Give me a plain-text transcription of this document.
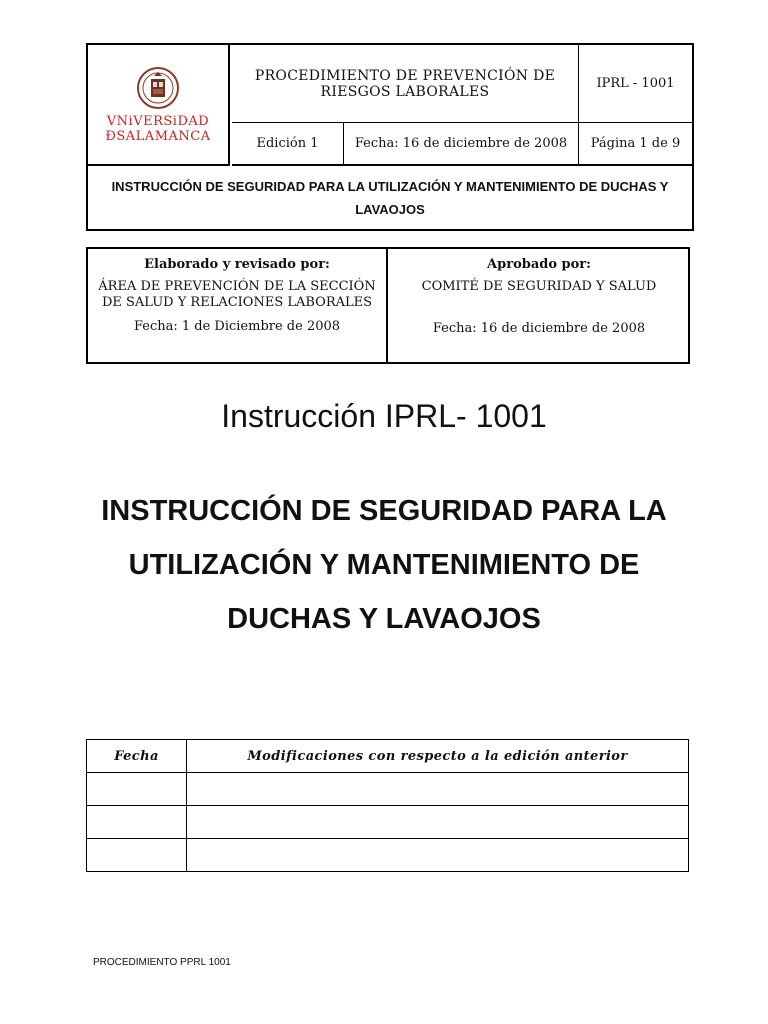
VNiVERSiDAD
ÐSALAMANCA
PROCEDIMIENTO DE PREVENCIÓN DE RIESGOS LABORALES	IPRL - 1001
Edición 1	Fecha: 16 de diciembre de 2008	Página 1 de 9
INSTRUCCIÓN DE SEGURIDAD PARA LA UTILIZACIÓN Y MANTENIMIENTO DE DUCHAS Y LAVAOJOS
Elaborado y revisado por:
ÁREA DE PREVENCIÓN DE LA SECCIÓN DE SALUD Y RELACIONES LABORALES
Fecha: 1 de Diciembre de 2008
Aprobado por:
COMITÉ DE SEGURIDAD Y SALUD
Fecha: 16 de diciembre de 2008
Instrucción IPRL- 1001
INSTRUCCIÓN DE SEGURIDAD PARA LA UTILIZACIÓN Y MANTENIMIENTO DE DUCHAS Y LAVAOJOS
Fecha	Modificaciones con respecto a la edición anterior

PROCEDIMIENTO PPRL 1001
